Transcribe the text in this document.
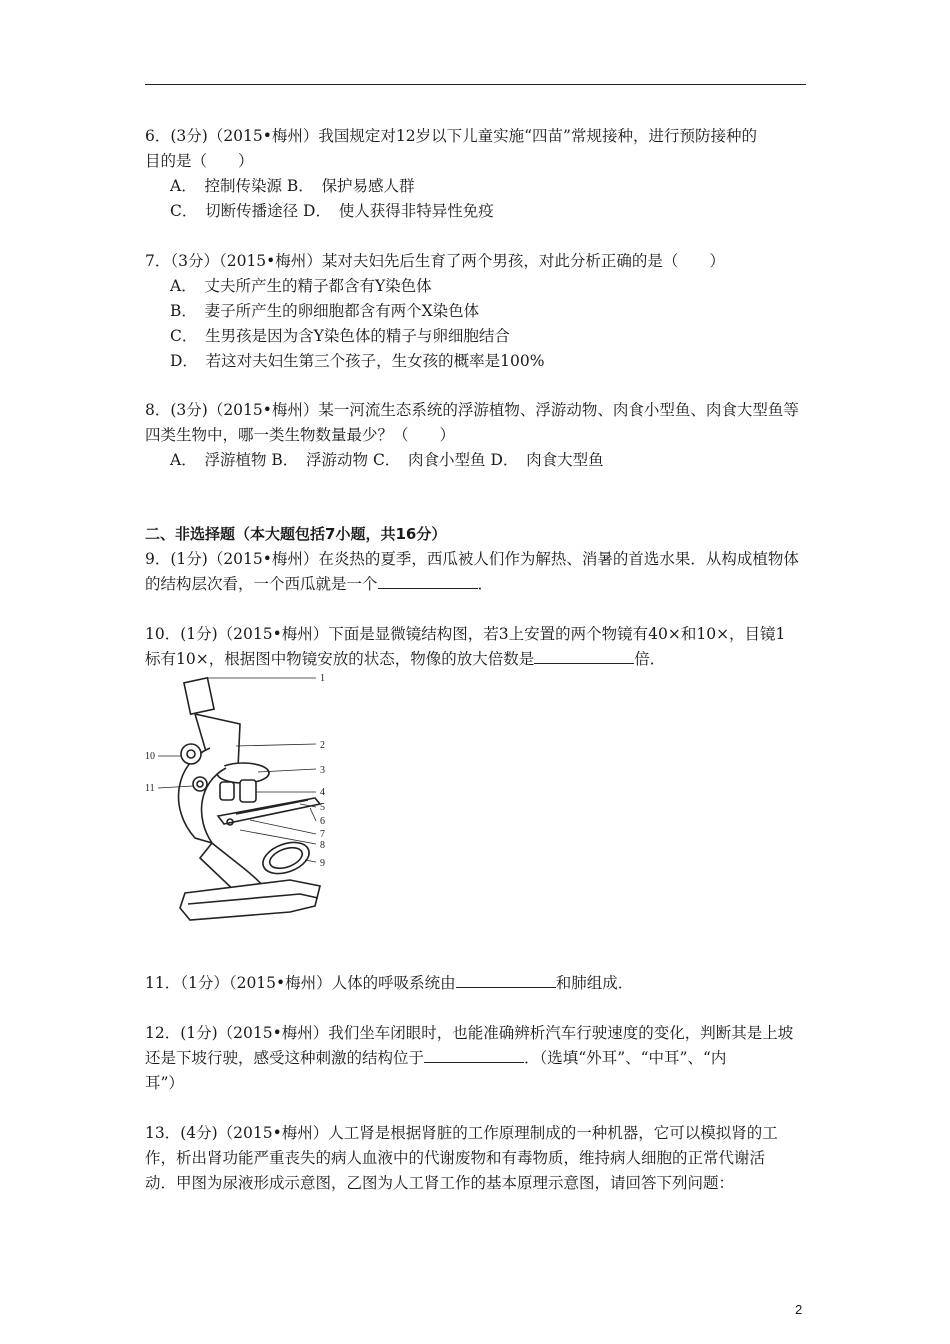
6．(3分)（2015•梅州）我国规定对12岁以下儿童实施“四苗”常规接种，进行预防接种的
目的是（　　）
A．　控制传染源 B．　保护易感人群
C．　切断传播途径 D．　使人获得非特异性免疫
7．（3分）（2015•梅州）某对夫妇先后生育了两个男孩，对此分析正确的是（　　）
A．　丈夫所产生的精子都含有Y染色体
B．　妻子所产生的卵细胞都含有两个X染色体
C．　生男孩是因为含Y染色体的精子与卵细胞结合
D．　若这对夫妇生第三个孩子，生女孩的概率是100%
8．(3分)（2015•梅州）某一河流生态系统的浮游植物、浮游动物、肉食小型鱼、肉食大型鱼等
四类生物中，哪一类生物数量最少？（　　）
A．　浮游植物 B．　浮游动物 C．　肉食小型鱼 D．　肉食大型鱼
二、非选择题（本大题包括7小题，共16分）
9．(1分)（2015•梅州）在炎热的夏季，西瓜被人们作为解热、消暑的首选水果．从构成植物体
的结构层次看，一个西瓜就是一个	．
10．(1分)（2015•梅州）下面是显微镜结构图，若3上安置的两个物镜有40×和10×，目镜1
标有10×，根据图中物镜安放的状态，物像的放大倍数是	倍．
1
2
3
4
5
6
7
8
9
10
11
11．（1分）（2015•梅州）人体的呼吸系统由	和肺组成．
12．(1分)（2015•梅州）我们坐车闭眼时，也能准确辨析汽车行驶速度的变化，判断其是上坡
还是下坡行驶，感受这种刺激的结构位于	．（选填“外耳”、“中耳”、“内
耳”）
13．(4分)（2015•梅州）人工肾是根据肾脏的工作原理制成的一种机器，它可以模拟肾的工
作，析出肾功能严重丧失的病人血液中的代谢废物和有毒物质，维持病人细胞的正常代谢活
动．甲图为尿液形成示意图，乙图为人工肾工作的基本原理示意图，请回答下列问题：
2
